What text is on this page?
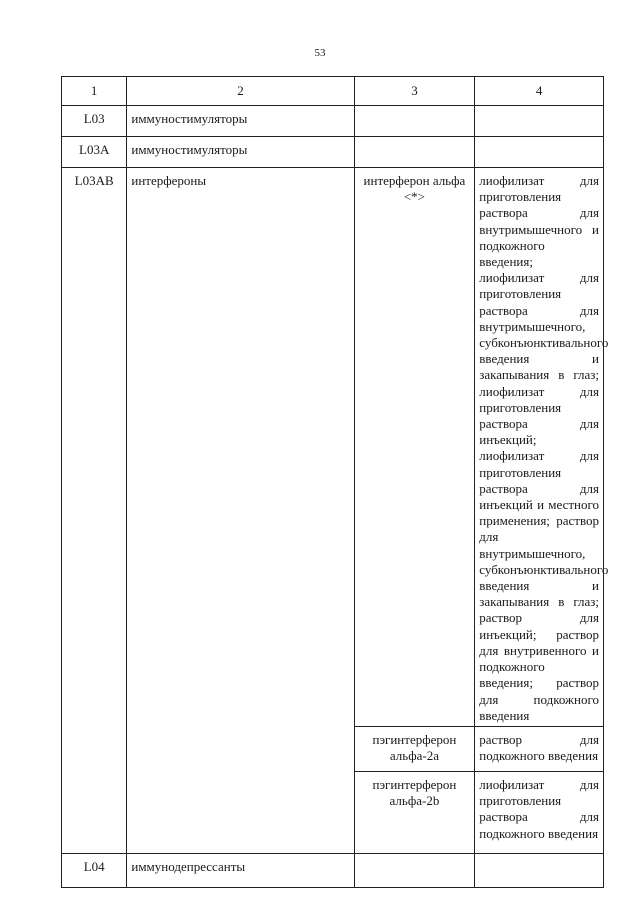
53
1	2	3	4
L03	иммуностимуляторы		
L03A	иммуностимуляторы		
L03AB	интерфероны	интерферон альфа <*>	лиофилизат для приготовления раствора для внутримышечного и подкожного введения; лиофилизат для приготовления раствора для внутримышечного, субконъюнктивального введения и закапывания в глаз; лиофилизат для приготовления раствора для инъекций; лиофилизат для приготовления раствора для инъекций и местного применения; раствор для внутримышечного, субконъюнктивального введения и закапывания в глаз; раствор для инъекций; раствор для внутривенного и подкожного введения; раствор для подкожного введения
		пэгинтерферон альфа-2а	раствор для подкожного введения
		пэгинтерферон альфа-2b	лиофилизат для приготовления раствора для подкожного введения
L04	иммунодепрессанты		
